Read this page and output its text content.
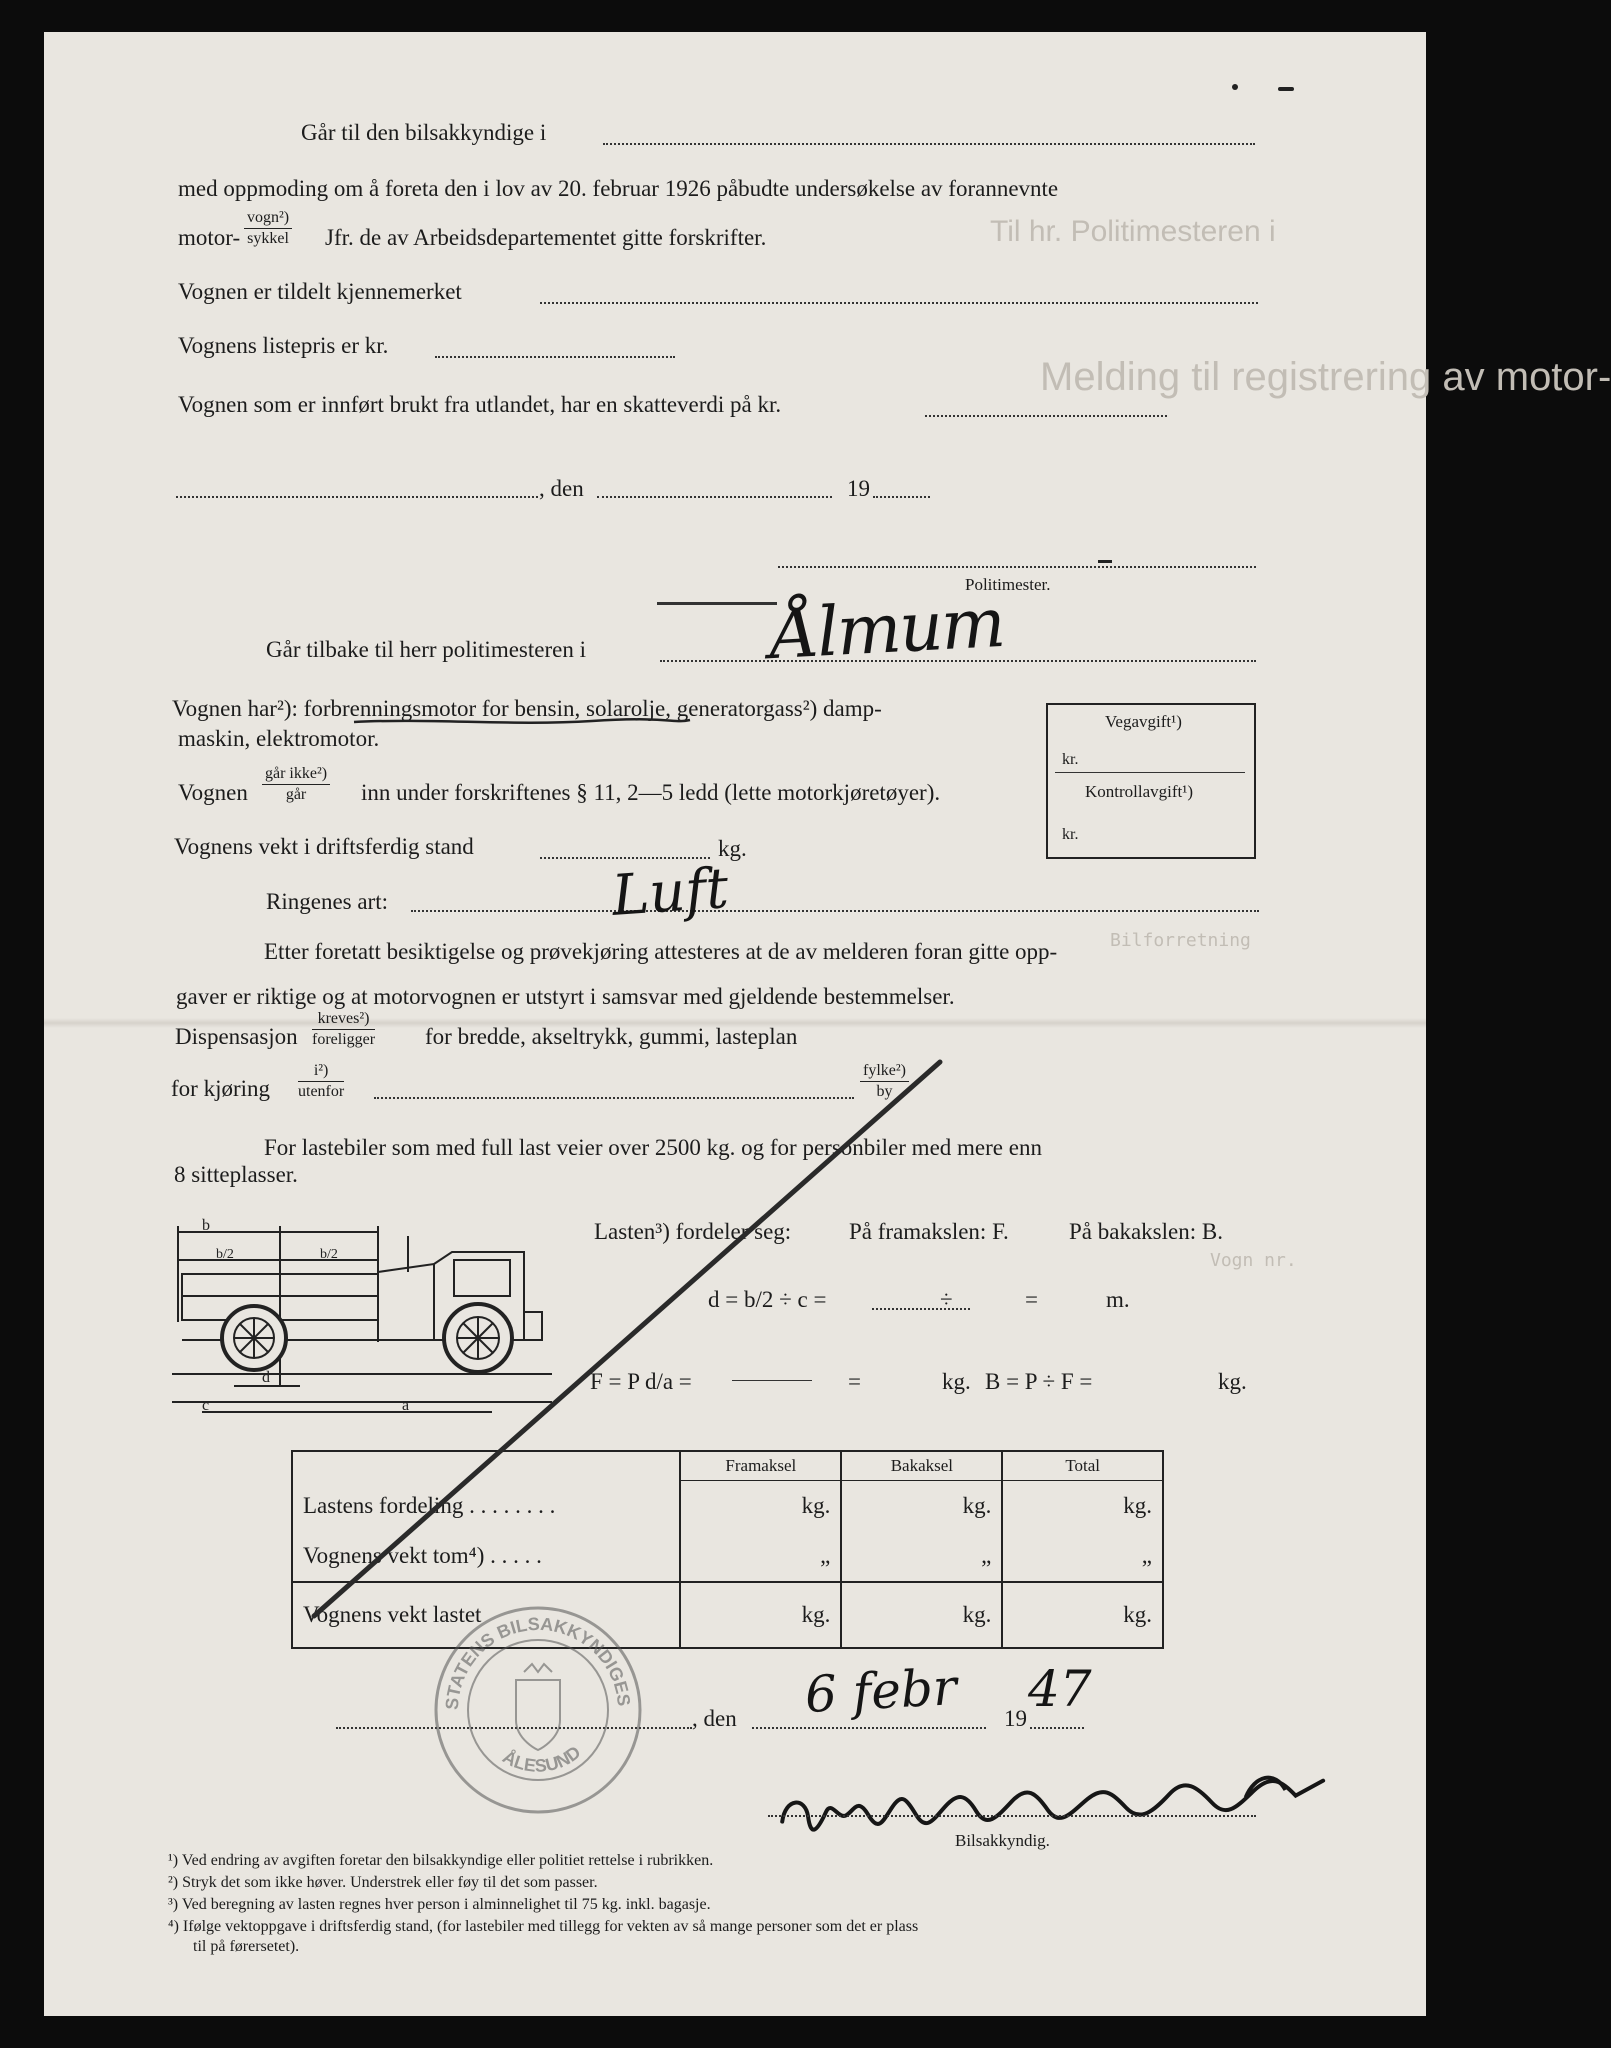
Til hr. Politimesteren i
Melding til registrering av motor-
Bilforretning
Vogn nr.
Går til den bilsakkyndige i
med oppmoding om å foreta den i lov av 20. februar 1926 påbudte undersøkelse av forannevnte
motor-
vogn²)
sykkel Jfr. de av Arbeidsdepartementet gitte forskrifter.
Vognen er tildelt kjennemerket
Vognens listepris er kr.
Vognen som er innført brukt fra utlandet, har en skatteverdi på kr.
, den	19
Politimester.
Ålmum
Går tilbake til herr politimesteren i
Vognen har²): forbrenningsmotor for bensin, solarolje, generatorgass²) damp-
maskin, elektromotor.
Vognen
går ikke²)
går	inn under forskriftenes § 11, 2—5 ledd (lette motorkjøretøyer).
Vognens vekt i driftsferdig stand	kg.
Ringenes art:	Luft
Vegavgift¹)
kr.
Kontrollavgift¹)
kr.
Etter foretatt besiktigelse og prøvekjøring attesteres at de av melderen foran gitte opp-
gaver er riktige og at motorvognen er utstyrt i samsvar med gjeldende bestemmelser.
Dispensasjon
kreves²)
foreligger for bredde, akseltrykk, gummi, lasteplan
for kjøring
i²)
utenfor
fylke²)
by
For lastebiler som med full last veier over 2500 kg. og for personbiler med mere enn
8 sitteplasser.
b
b/2	b/2
c
d
a
Lasten³) fordeler seg:	På framakslen: F.	På bakakslen: B.
d = b/2 ÷ c =	÷	=	m.
F = P d/a =	=	kg. B = P ÷ F =	kg.
	Framaksel	Bakaksel	Total
Lastens fordeling . . . . . . . .	kg.	kg.	kg.
Vognens vekt tom⁴) . . . . .	„	„	„
Vognens vekt lastet	kg.	kg.	kg.
, den 6 febr 19
47
Bilsakkyndig.
STATENS BILSAKKYNDIGES
ÅLESUND
¹) Ved endring av avgiften foretar den bilsakkyndige eller politiet rettelse i rubrikken.
²) Stryk det som ikke høver. Understrek eller føy til det som passer.
³) Ved beregning av lasten regnes hver person i alminnelighet til 75 kg. inkl. bagasje.
⁴) Ifølge vektoppgave i driftsferdig stand, (for lastebiler med tillegg for vekten av så mange personer som det er plass
til på førersetet).
